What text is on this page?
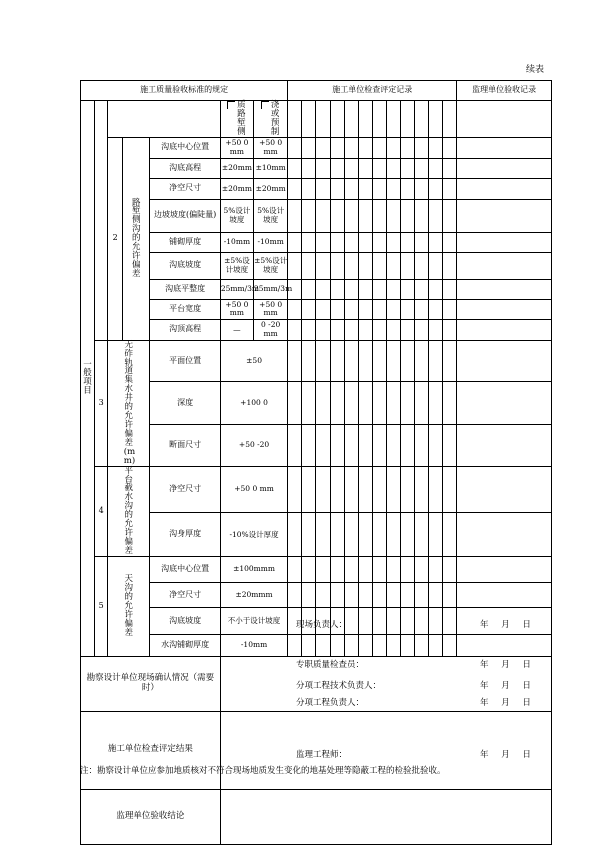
续表
施工质量验收标准的规定							施工单位检查评定记录												监理单位验收记录
一般项目					质路堑侧	浇或预制													
		2	路堑侧沟的允许偏差	沟底中心位置	+50 0 mm	+50 0 mm													

				沟底高程	±20mm	±10mm													

				净空尺寸	±20mm	±20mm													

				边坡坡度(偏陡量)	5%设计坡度	5%设计坡度													

				铺砌厚度	-10mm	-10mm													

				沟底坡度	±5%设计坡度	±5%设计坡度													

				沟底平整度	25mm/3m	25mm/3m													

				平台宽度	+50 0 mm	+50 0 mm													

				沟顶高程	—	0 -20 mm													

	3	无砟轨道集水井的允许偏差(mm)		平面位置	±50														

				深度	+100 0														

				断面尺寸	+50 -20														

	4	平台截水沟的允许偏差		净空尺寸	+50 0 mm														

				沟身厚度	-10%设计厚度														

	5	天沟的允许偏差		沟底中心位置	±100mmm														

				净空尺寸	±20mmm														

				沟底坡度	不小于设计坡度														

				水沟铺砌厚度	-10mm														

勘察设计单位现场确认情况（需要时）																			

施工单位检查评定结果																			

监理单位验收结论																			

注：勘察设计单位应参加地质核对不符合现场地质发生变化的地基处理等隐蔽工程的检验批验收。
现场负责人：	年 月 日
专职质量检查员：	年 月 日
分项工程技术负责人：	年 月 日
分项工程负责人：	年 月 日
监理工程师：	年 月 日
